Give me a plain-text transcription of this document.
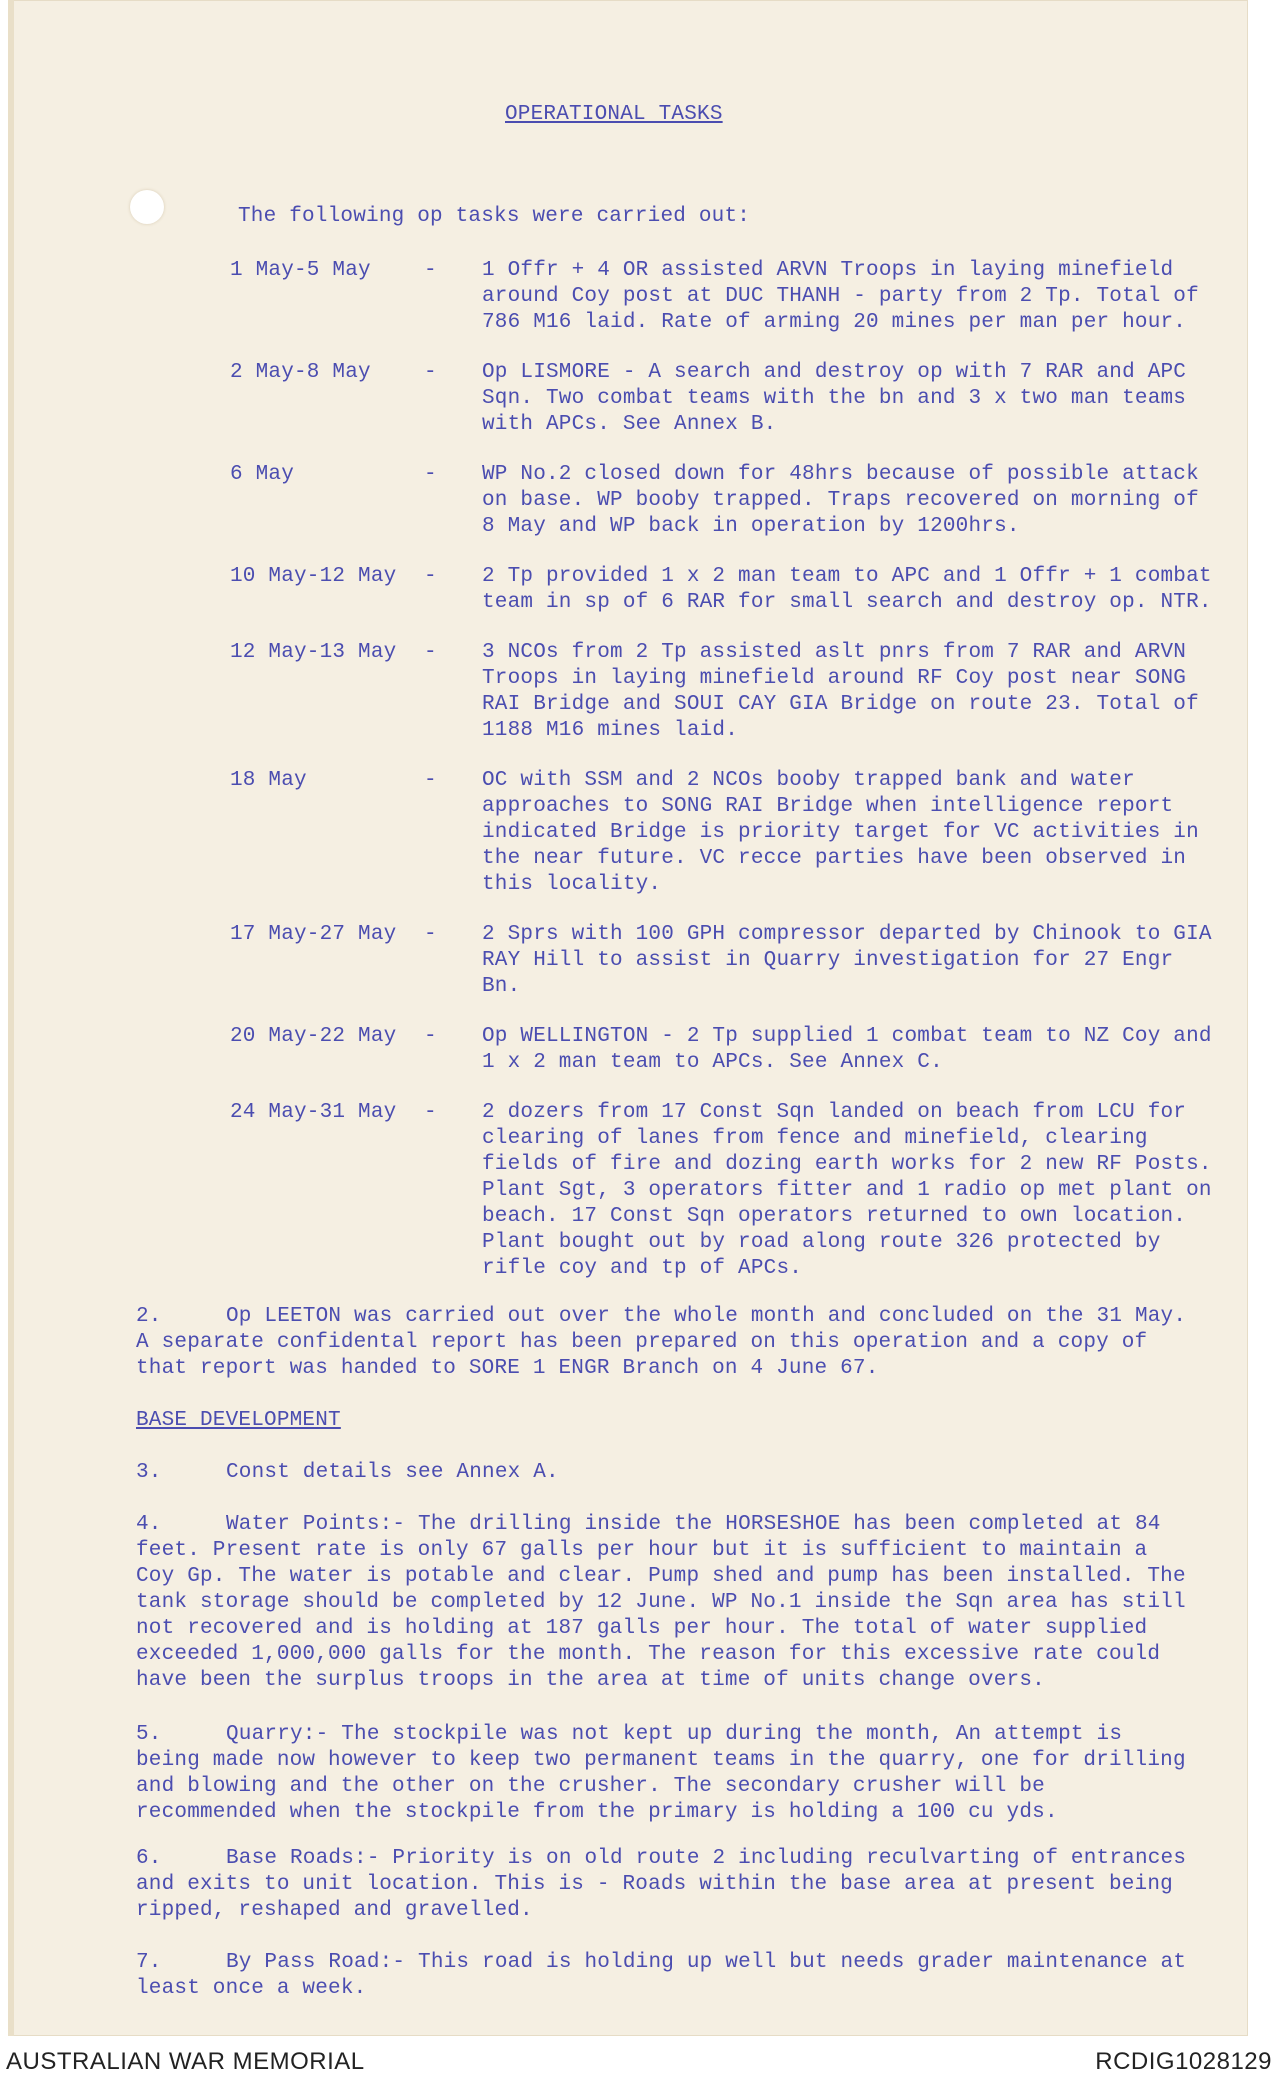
OPERATIONAL TASKS
The following op tasks were carried out:
1 May-5 May	-	1 Offr + 4 OR assisted ARVN Troops in laying minefield around Coy post at DUC THANH - party from 2 Tp. Total of 786 M16 laid. Rate of arming 20 mines per man per hour.
2 May-8 May	-	Op LISMORE - A search and destroy op with 7 RAR and APC Sqn. Two combat teams with the bn and 3 x two man teams with APCs. See Annex B.
6 May	-	WP No.2 closed down for 48hrs because of possible attack on base. WP booby trapped. Traps recovered on morning of 8 May and WP back in operation by 1200hrs.
10 May-12 May	-	2 Tp provided 1 x 2 man team to APC and 1 Offr + 1 combat team in sp of 6 RAR for small search and destroy op. NTR.
12 May-13 May	-	3 NCOs from 2 Tp assisted aslt pnrs from 7 RAR and ARVN Troops in laying minefield around RF Coy post near SONG RAI Bridge and SOUI CAY GIA Bridge on route 23. Total of 1188 M16 mines laid.
18 May	-	OC with SSM and 2 NCOs booby trapped bank and water approaches to SONG RAI Bridge when intelligence report indicated Bridge is priority target for VC activities in the near future. VC recce parties have been observed in this locality.
17 May-27 May	-	2 Sprs with 100 GPH compressor departed by Chinook to GIA RAY Hill to assist in Quarry investigation for 27 Engr Bn.
20 May-22 May	-	Op WELLINGTON - 2 Tp supplied 1 combat team to NZ Coy and 1 x 2 man team to APCs. See Annex C.
24 May-31 May	-	2 dozers from 17 Const Sqn landed on beach from LCU for clearing of lanes from fence and minefield, clearing fields of fire and dozing earth works for 2 new RF Posts. Plant Sgt, 3 operators fitter and 1 radio op met plant on beach. 17 Const Sqn operators returned to own location. Plant bought out by road along route 326 protected by rifle coy and tp of APCs.
2.	Op LEETON was carried out over the whole month and concluded on the 31 May. A separate confidental report has been prepared on this operation and a copy of that report was handed to SORE 1 ENGR Branch on 4 June 67.
BASE DEVELOPMENT
3.	Const details see Annex A.
4.	Water Points:- The drilling inside the HORSESHOE has been completed at 84 feet. Present rate is only 67 galls per hour but it is sufficient to maintain a Coy Gp. The water is potable and clear. Pump shed and pump has been installed. The tank storage should be completed by 12 June. WP No.1 inside the Sqn area has still not recovered and is holding at 187 galls per hour. The total of water supplied exceeded 1,000,000 galls for the month. The reason for this excessive rate could have been the surplus troops in the area at time of units change overs.
5.	Quarry:- The stockpile was not kept up during the month, An attempt is being made now however to keep two permanent teams in the quarry, one for drilling and blowing and the other on the crusher. The secondary crusher will be recommended when the stockpile from the primary is holding a 100 cu yds.
6.	Base Roads:- Priority is on old route 2 including reculvarting of entrances and exits to unit location. This is - Roads within the base area at present being ripped, reshaped and gravelled.
7.	By Pass Road:- This road is holding up well but needs grader maintenance at least once a week.
AUSTRALIAN WAR MEMORIAL	RCDIG1028129
